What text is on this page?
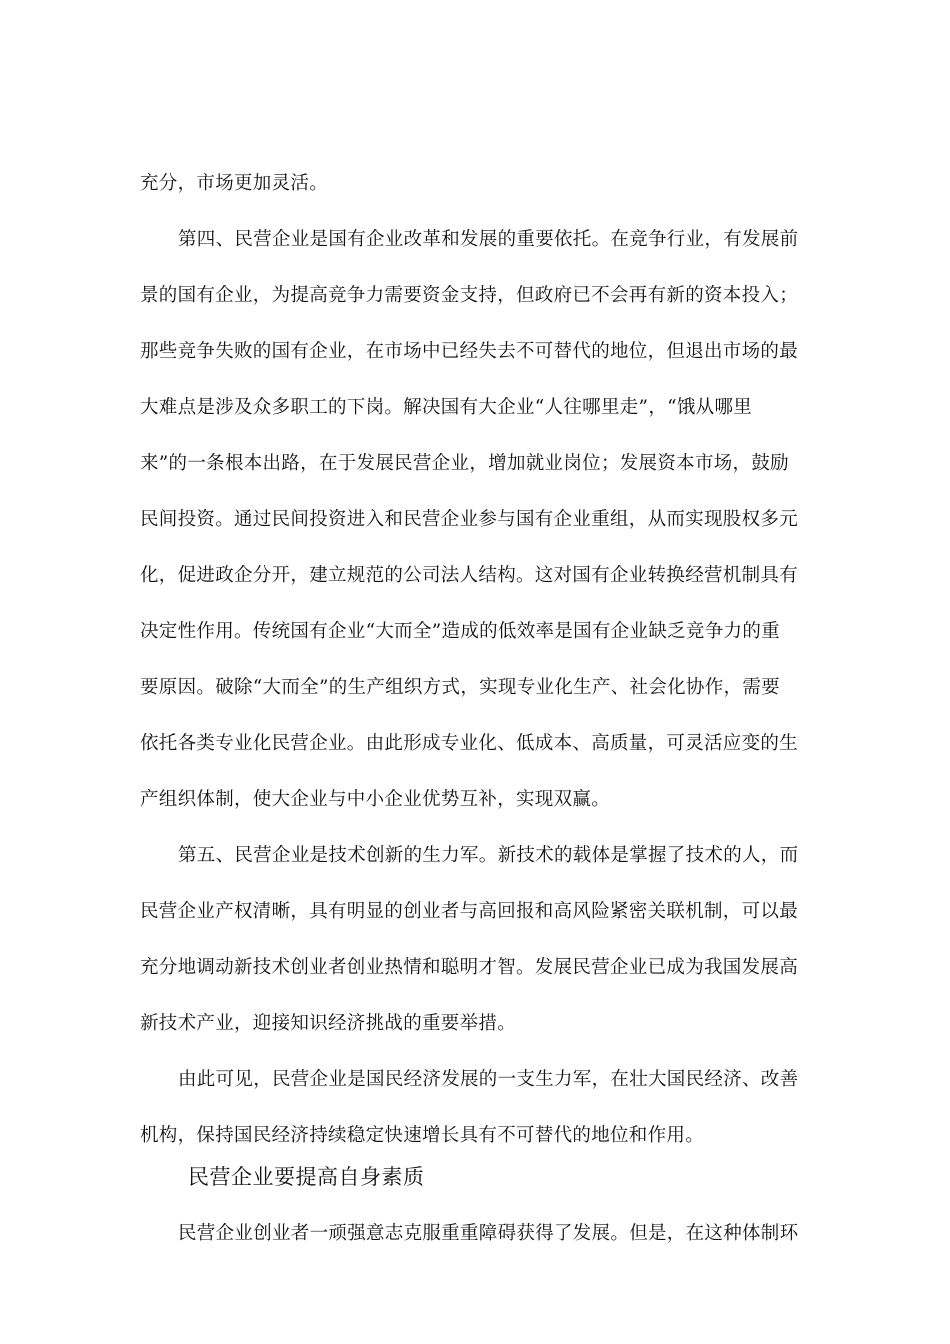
充分，市场更加灵活。
第四、民营企业是国有企业改革和发展的重要依托。在竞争行业，有发展前
景的国有企业，为提高竞争力需要资金支持，但政府已不会再有新的资本投入；
那些竞争失败的国有企业，在市场中已经失去不可替代的地位，但退出市场的最
大难点是涉及众多职工的下岗。解决国有大企业“人往哪里走”，“饿从哪里
来”的一条根本出路，在于发展民营企业，增加就业岗位；发展资本市场，鼓励
民间投资。通过民间投资进入和民营企业参与国有企业重组，从而实现股权多元
化，促进政企分开，建立规范的公司法人结构。这对国有企业转换经营机制具有
决定性作用。传统国有企业“大而全”造成的低效率是国有企业缺乏竞争力的重
要原因。破除“大而全”的生产组织方式，实现专业化生产、社会化协作，需要
依托各类专业化民营企业。由此形成专业化、低成本、高质量，可灵活应变的生
产组织体制，使大企业与中小企业优势互补，实现双赢。
第五、民营企业是技术创新的生力军。新技术的载体是掌握了技术的人，而
民营企业产权清晰，具有明显的创业者与高回报和高风险紧密关联机制，可以最
充分地调动新技术创业者创业热情和聪明才智。发展民营企业已成为我国发展高
新技术产业，迎接知识经济挑战的重要举措。
由此可见，民营企业是国民经济发展的一支生力军，在壮大国民经济、改善
机构，保持国民经济持续稳定快速增长具有不可替代的地位和作用。
民营企业要提高自身素质
民营企业创业者一顽强意志克服重重障碍获得了发展。但是，在这种体制环
